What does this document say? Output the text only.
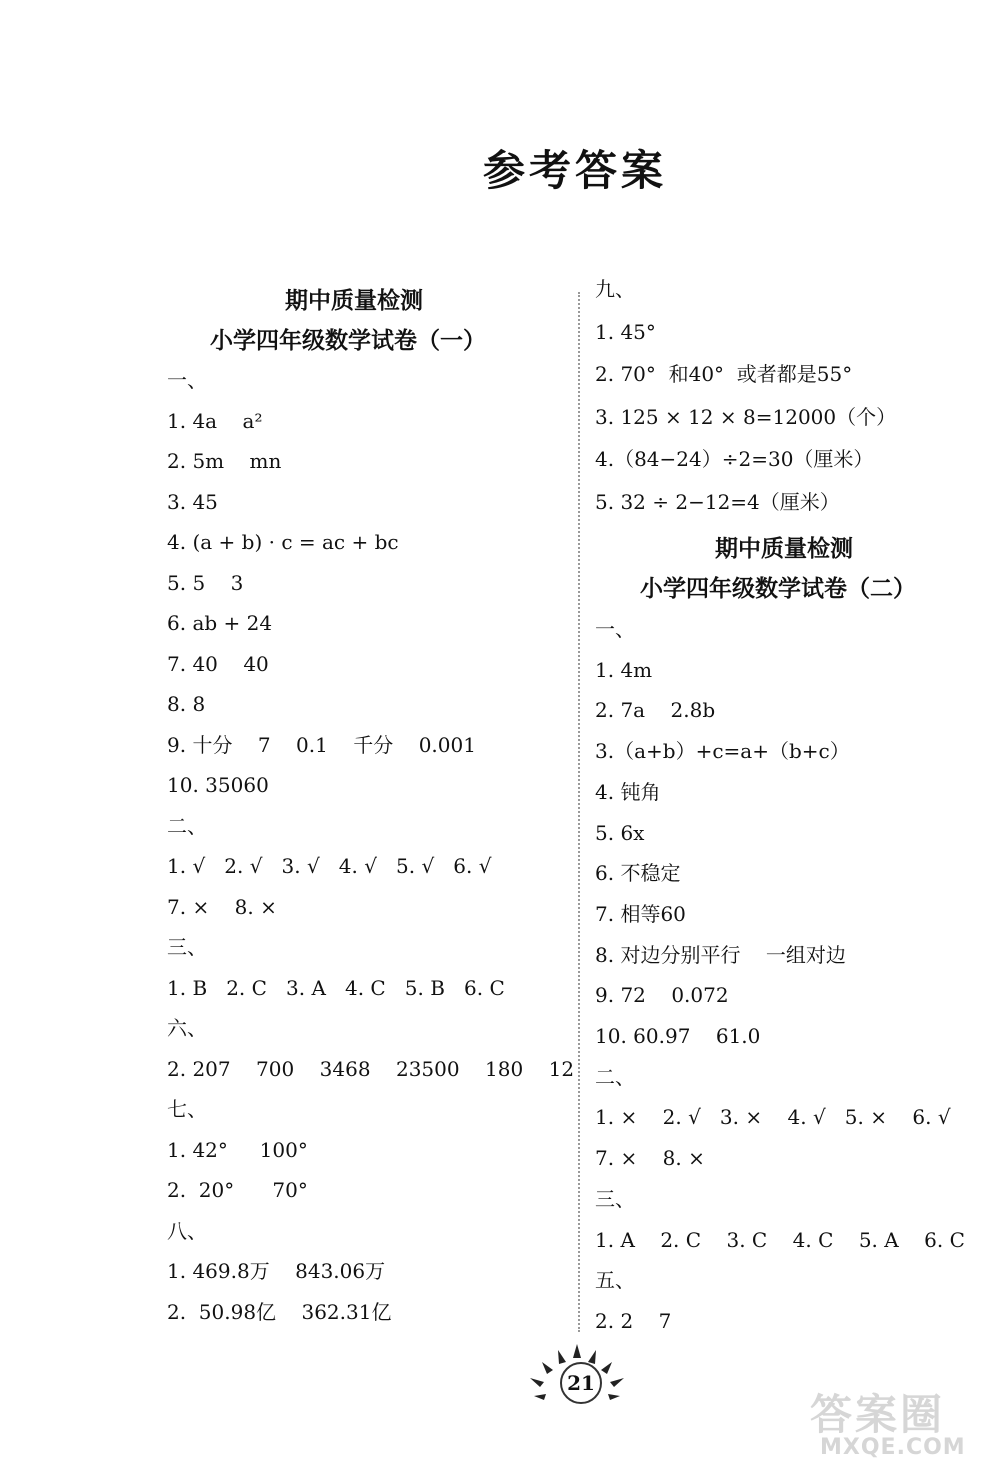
参考答案
期中质量检测
小学四年级数学试卷（一）
一、
1. 4a    a²
2. 5m    mn
3. 45
4. (a + b) · c = ac + bc
5. 5    3
6. ab + 24
7. 40    40
8. 8
9. 十分    7    0.1    千分    0.001
10. 35060
二、
1. √   2. √   3. √   4. √   5. √   6. √
7. ×    8. ×
三、
1. B   2. C   3. A   4. C   5. B   6. C
六、
2. 207    700    3468    23500    180    12
七、
1. 42°     100°
2.  20°      70°
八、
1. 469.8万    843.06万
2.  50.98亿    362.31亿
九、
1. 45°
2. 70°  和40°  或者都是55°
3. 125 × 12 × 8=12000（个）
4.（84−24）÷2=30（厘米）
5. 32 ÷ 2−12=4（厘米）
期中质量检测
小学四年级数学试卷（二）
一、
1. 4m
2. 7a    2.8b
3.（a+b）+c=a+（b+c）
4. 钝角
5. 6x
6. 不稳定
7. 相等60
8. 对边分别平行    一组对边
9. 72    0.072
10. 60.97    61.0
二、
1. ×    2. √   3. ×    4. √   5. ×    6. √
7. ×    8. ×
三、
1. A    2. C    3. C    4. C    5. A    6. C
五、
2. 2    7
21
答案圈
MXQE.COM
